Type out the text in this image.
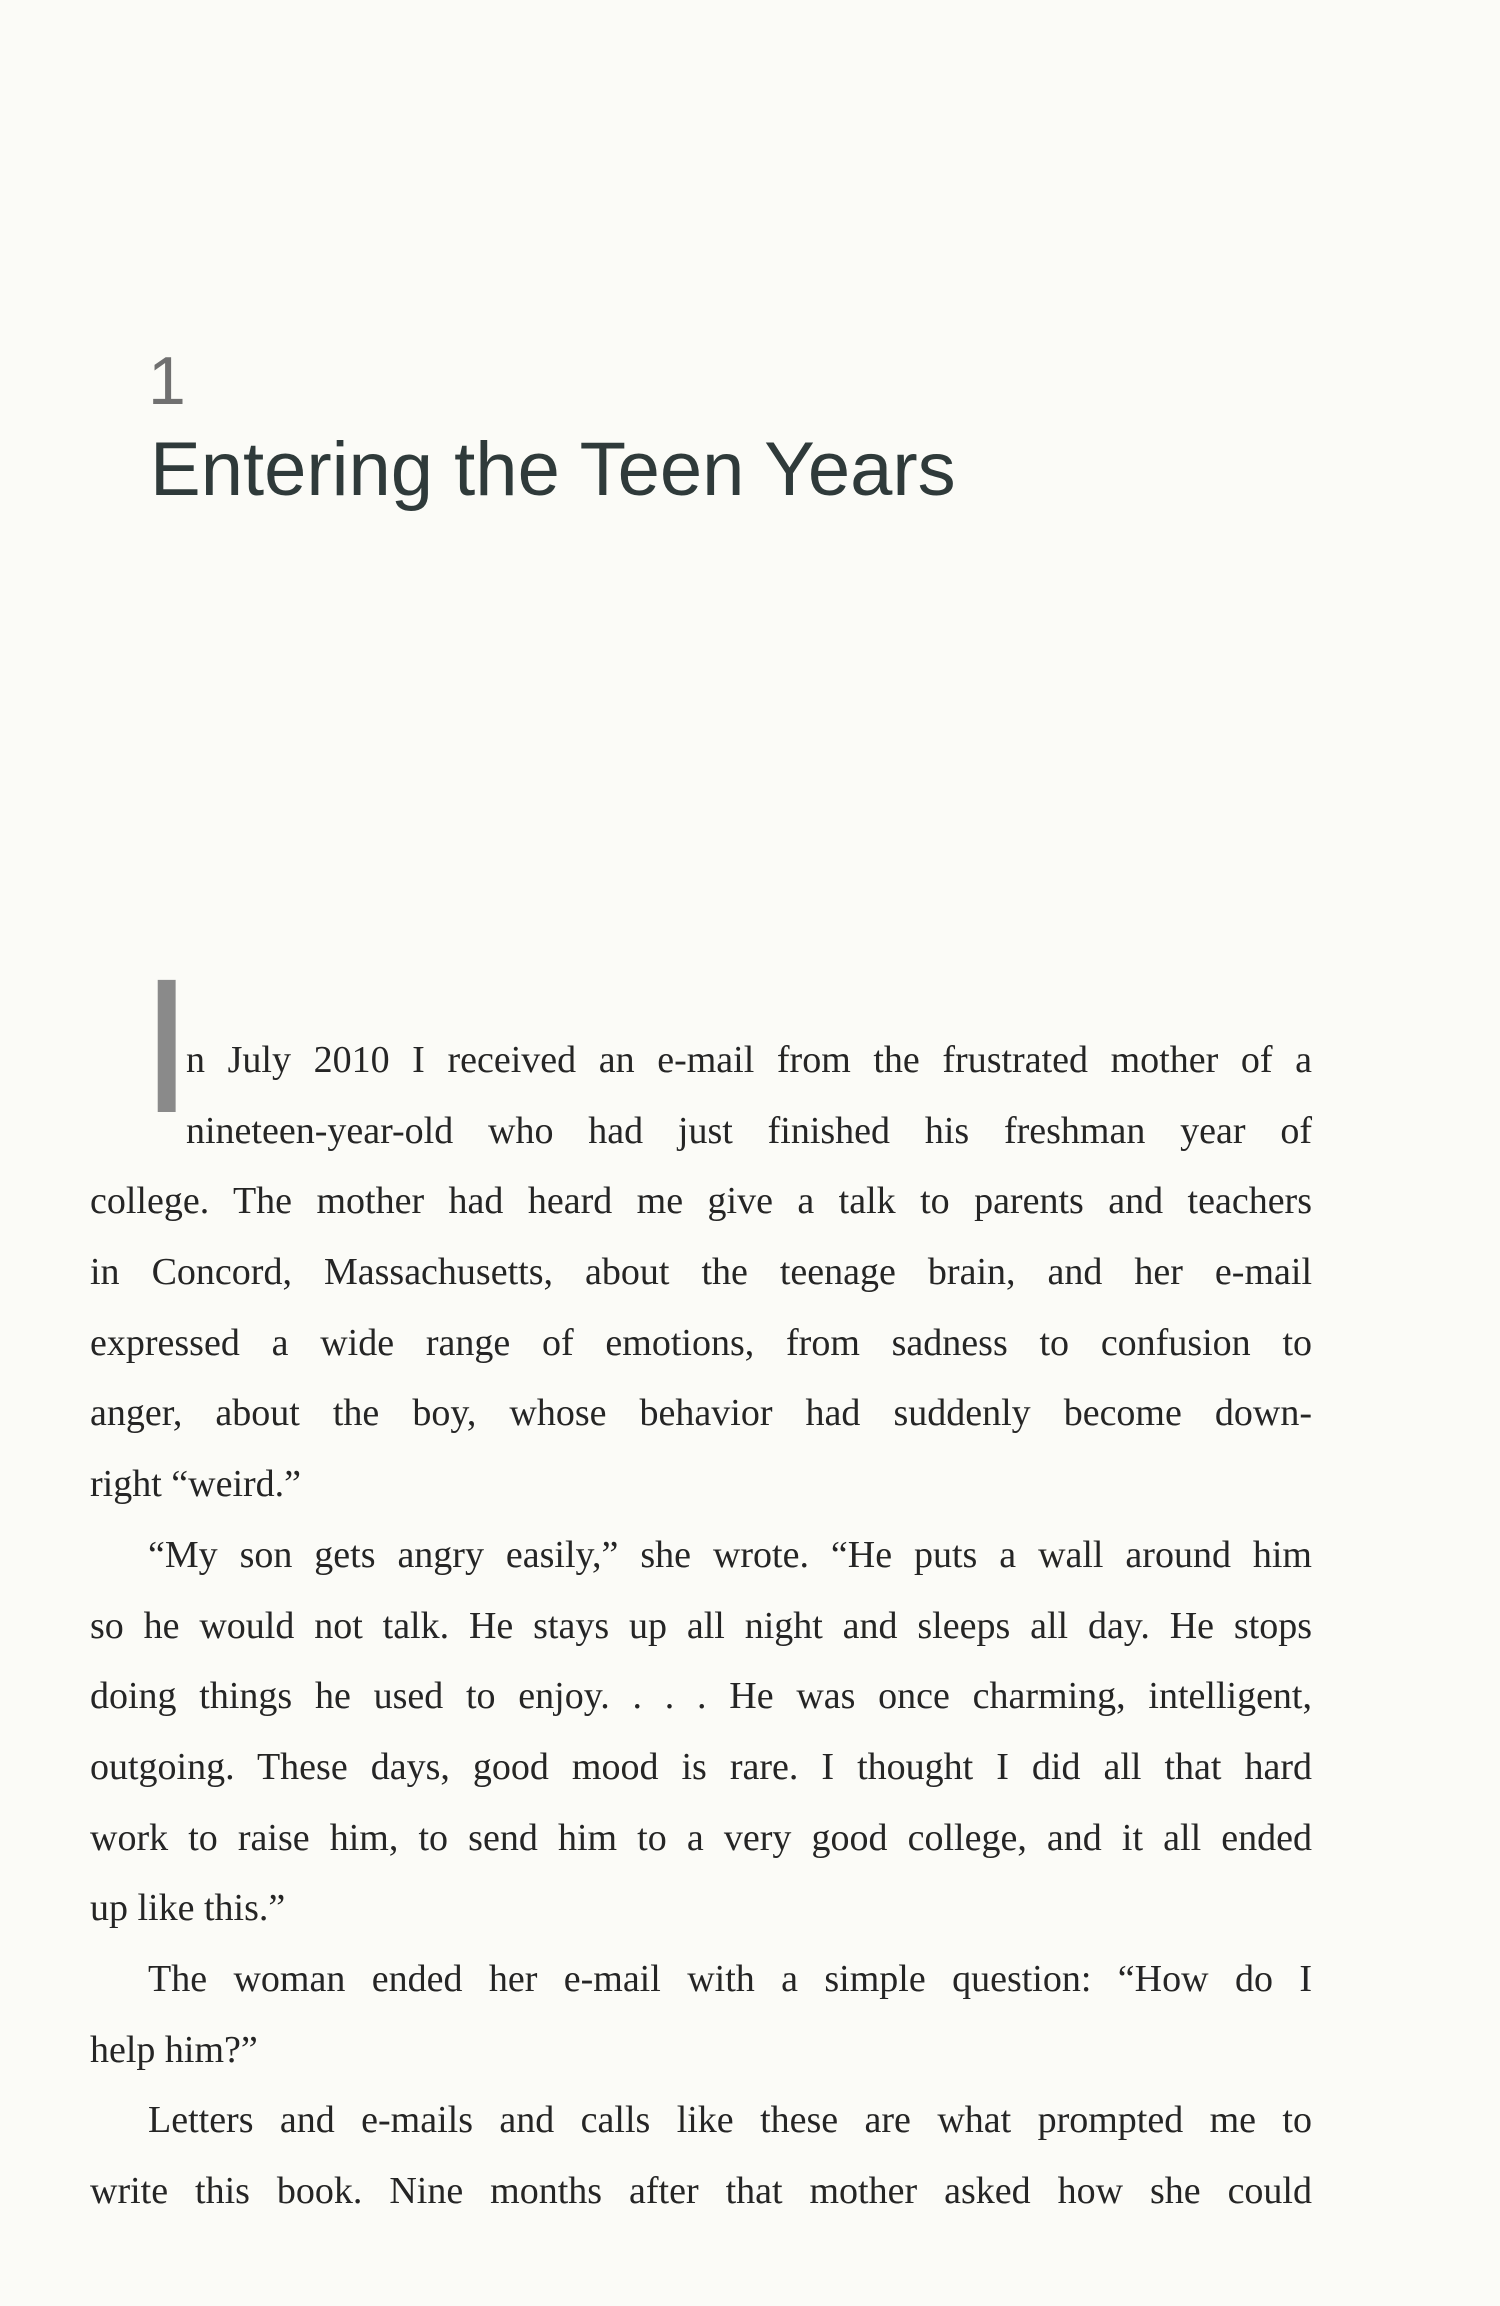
1
Entering the Teen Years
I
n July 2010 I received an e-mail from the frustrated mother of a
nineteen-year-old who had just finished his freshman year of
college. The mother had heard me give a talk to parents and teachers
in Concord, Massachusetts, about the teenage brain, and her e-mail
expressed a wide range of emotions, from sadness to confusion to
anger, about the boy, whose behavior had suddenly become down-
right “weird.”
“My son gets angry easily,” she wrote. “He puts a wall around him
so he would not talk. He stays up all night and sleeps all day. He stops
doing things he used to enjoy. . . . He was once charming, intelligent,
outgoing. These days, good mood is rare. I thought I did all that hard
work to raise him, to send him to a very good college, and it all ended
up like this.”
The woman ended her e-mail with a simple question: “How do I
help him?”
Letters and e-mails and calls like these are what prompted me to
write this book. Nine months after that mother asked how she could
